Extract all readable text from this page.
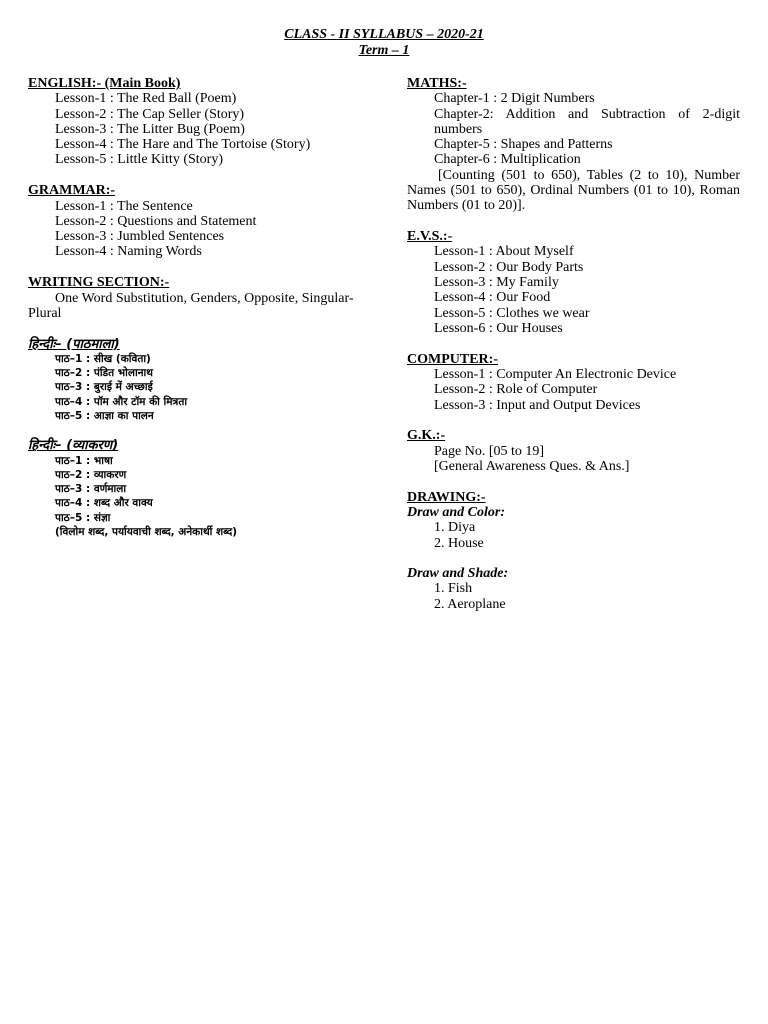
CLASS - II SYLLABUS – 2020-21
Term – 1
ENGLISH:- (Main Book)
Lesson-1 : The Red Ball (Poem)
Lesson-2 : The Cap Seller (Story)
Lesson-3 : The Litter Bug (Poem)
Lesson-4 : The Hare and The Tortoise (Story)
Lesson-5 : Little Kitty (Story)
GRAMMAR:-
Lesson-1 : The Sentence
Lesson-2 : Questions and Statement
Lesson-3 : Jumbled Sentences
Lesson-4 : Naming Words
WRITING SECTION:-
One Word Substitution, Genders, Opposite, Singular-Plural
हिन्दीः– (पाठमाला)
पाठ–1 : सीख (कविता)
पाठ–2 : पंडित भोलानाथ
पाठ–3 : बुराई में अच्छाई
पाठ–4 : पॉम और टॉम की मित्रता
पाठ–5 : आज्ञा का पालन
हिन्दीः– (व्याकरण)
पाठ–1 : भाषा
पाठ–2 : व्याकरण
पाठ–3 : वर्णमाला
पाठ–4 : शब्द और वाक्य
पाठ–5 : संज्ञा
(विलोम शब्द, पर्यायवाची शब्द, अनेकार्थी शब्द)
MATHS:-
Chapter-1 : 2 Digit Numbers
Chapter-2: Addition and Subtraction of 2-digit numbers
Chapter-5 : Shapes and Patterns
Chapter-6 : Multiplication
[Counting (501 to 650), Tables (2 to 10), Number Names (501 to 650), Ordinal Numbers (01 to 10), Roman Numbers (01 to 20)].
E.V.S.:-
Lesson-1 : About Myself
Lesson-2 : Our Body Parts
Lesson-3 : My Family
Lesson-4 : Our Food
Lesson-5 : Clothes we wear
Lesson-6 : Our Houses
COMPUTER:-
Lesson-1 : Computer An Electronic Device
Lesson-2 : Role of Computer
Lesson-3 : Input and Output Devices
G.K.:-
Page No. [05 to 19]
[General Awareness Ques. & Ans.]
DRAWING:-
Draw and Color:
1. Diya
2. House
Draw and Shade:
1. Fish
2. Aeroplane
